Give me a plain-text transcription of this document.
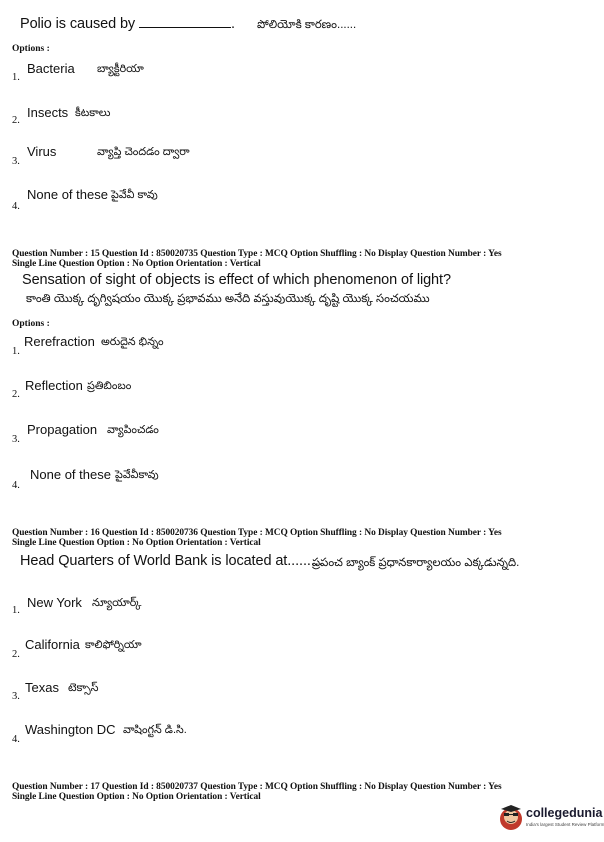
Polio is caused by	. పోలియోకి కారణం......
Options :
1.
Bacteria బ్యాక్టీరియా
2.
Insects కీటకాలు
3.
Virus	వ్యాప్తి చెందడం ద్వారా
4.
None of these పైవేవీ కావు
Question Number : 15 Question Id : 850020735 Question Type : MCQ Option Shuffling : No Display Question Number : Yes
Single Line Question Option : No Option Orientation : Vertical
Sensation of sight of objects is effect of which phenomenon of light?
కాంతి యొక్క దృగ్విషయం యొక్క ప్రభావము అనేది వస్తువుయొక్క దృష్టి యొక్క సంచయము
Options :
1.
Rerefraction అరుదైన భిన్నం
2.
Reflection ప్రతిబింబం
3.
Propagation వ్యాపించడం
4.
None of these పైవేవీకావు
Question Number : 16 Question Id : 850020736 Question Type : MCQ Option Shuffling : No Display Question Number : Yes
Single Line Question Option : No Option Orientation : Vertical
Head Quarters of World Bank is located at.........
ప్రపంచ బ్యాంక్ ప్రధానకార్యాలయం ఎక్కడున్నది.
1.
New York న్యూయార్క్
2.
California కాలిఫోర్నియా
3.
Texas టెక్సాస్
4.
Washington DC వాషింగ్టన్ డి.సి.
Question Number : 17 Question Id : 850020737 Question Type : MCQ Option Shuffling : No Display Question Number : Yes
Single Line Question Option : No Option Orientation : Vertical
collegedunia
India's largest Student Review Platform
